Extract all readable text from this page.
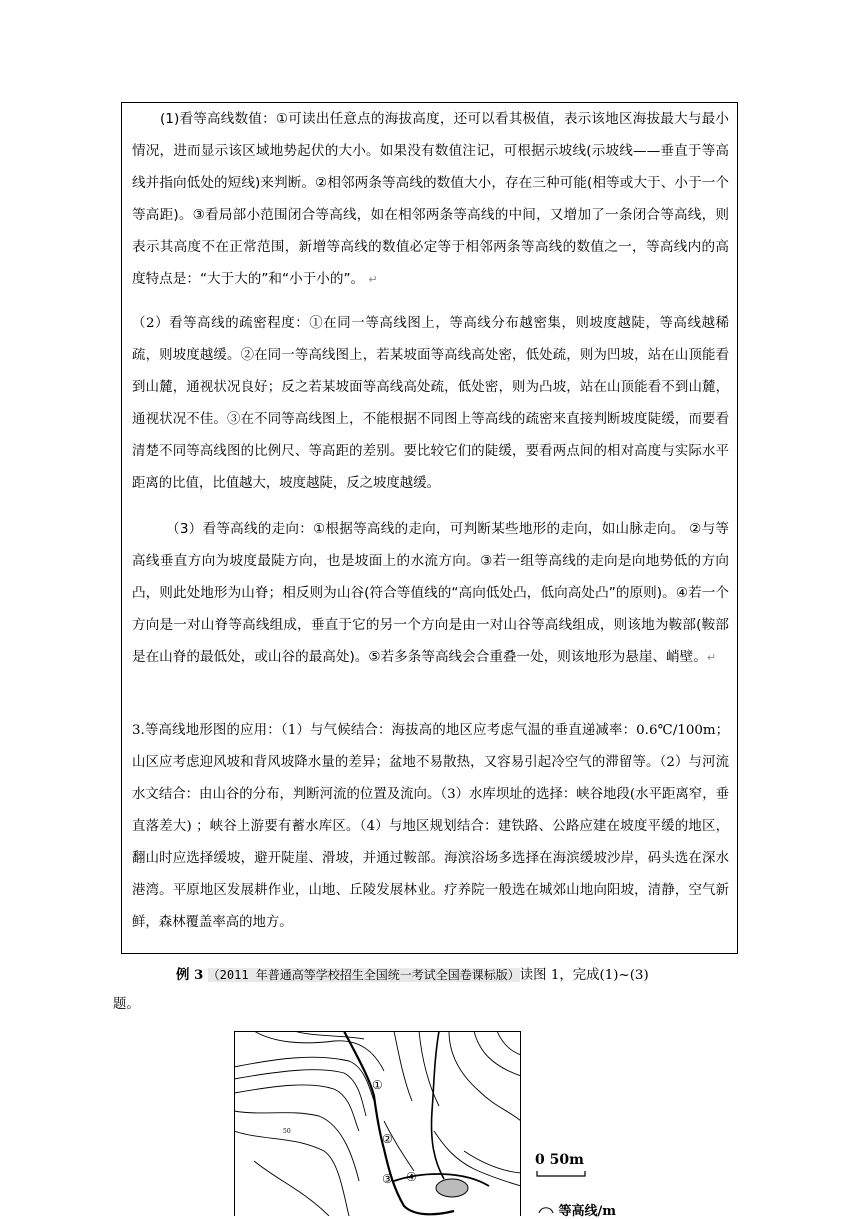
(1)看等高线数值：①可读出任意点的海拔高度，还可以看其极值，表示该地区海拔最大与最小情况，进而显示该区域地势起伏的大小。如果没有数值注记，可根据示坡线(示坡线——垂直于等高线并指向低处的短线)来判断。②相邻两条等高线的数值大小，存在三种可能(相等或大于、小于一个等高距)。③看局部小范围闭合等高线，如在相邻两条等高线的中间，又增加了一条闭合等高线，则表示其高度不在正常范围，新增等高线的数值必定等于相邻两条等高线的数值之一，等高线内的高度特点是：“大于大的”和“小于小的”。 ↵

（2）看等高线的疏密程度：①在同一等高线图上，等高线分布越密集，则坡度越陡，等高线越稀疏，则坡度越缓。②在同一等高线图上，若某坡面等高线高处密，低处疏，则为凹坡，站在山顶能看到山麓，通视状况良好；反之若某坡面等高线高处疏，低处密，则为凸坡，站在山顶能看不到山麓，通视状况不佳。③在不同等高线图上，不能根据不同图上等高线的疏密来直接判断坡度陡缓，而要看清楚不同等高线图的比例尺、等高距的差别。要比较它们的陡缓，要看两点间的相对高度与实际水平距离的比值，比值越大，坡度越陡，反之坡度越缓。

（3）看等高线的走向：①根据等高线的走向，可判断某些地形的走向，如山脉走向。 ②与等高线垂直方向为坡度最陡方向，也是坡面上的水流方向。③若一组等高线的走向是向地势低的方向凸，则此处地形为山脊；相反则为山谷(符合等值线的“高向低处凸，低向高处凸”的原则)。④若一个方向是一对山脊等高线组成，垂直于它的另一个方向是由一对山谷等高线组成，则该地为鞍部(鞍部是在山脊的最低处，或山谷的最高处)。⑤若多条等高线会合重叠一处，则该地形为悬崖、峭壁。↵

3.等高线地形图的应用：（1）与气候结合：海拔高的地区应考虑气温的垂直递减率：0.6℃/100m；山区应考虑迎风坡和背风坡降水量的差异；盆地不易散热，又容易引起冷空气的滞留等。（2）与河流水文结合：由山谷的分布，判断河流的位置及流向。（3）水库坝址的选择：峡谷地段(水平距离窄，垂直落差大) ；峡谷上游要有蓄水库区。（4）与地区规划结合：建铁路、公路应建在坡度平缓的地区，翻山时应选择缓坡，避开陡崖、滑坡，并通过鞍部。海滨浴场多选择在海滨缓坡沙岸，码头选在深水港湾。平原地区发展耕作业，山地、丘陵发展林业。疗养院一般选在城郊山地向阳坡，清静，空气新鲜，森林覆盖率高的地方。

例 3 （2011 年普通高等学校招生全国统一考试全国卷课标版）读图 1，完成(1)~(3)
题。
①
②
③ ④
50
0 50m
等高线/m
